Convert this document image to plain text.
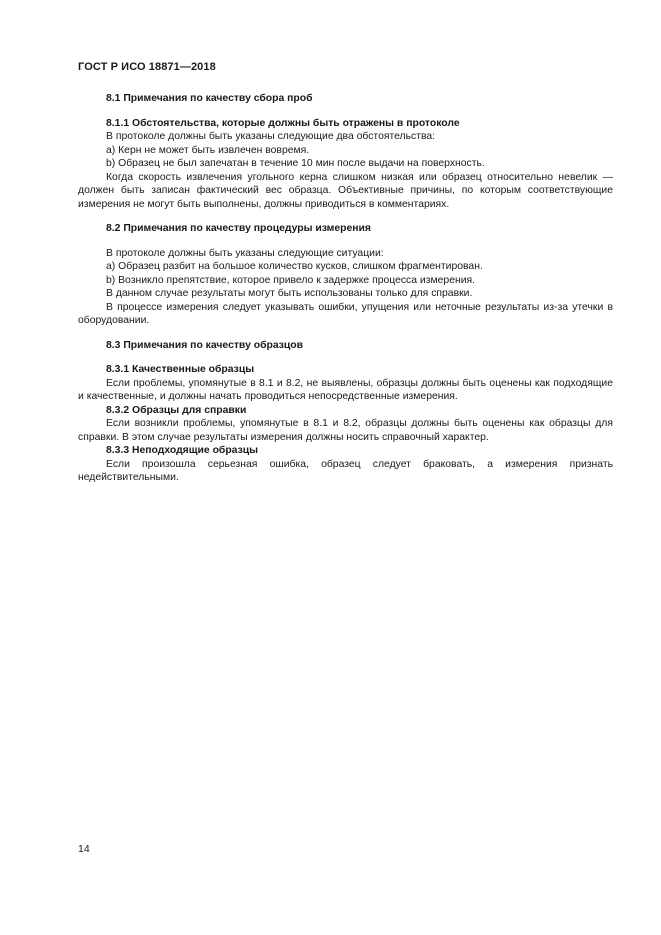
ГОСТ Р ИСО 18871—2018

8.1 Примечания по качеству сбора проб

8.1.1 Обстоятельства, которые должны быть отражены в протоколе

В протоколе должны быть указаны следующие два обстоятельства:

a) Керн не может быть извлечен вовремя.

b) Образец не был запечатан в течение 10 мин после выдачи на поверхность.

Когда скорость извлечения угольного керна слишком низкая или образец относительно невелик — должен быть записан фактический вес образца. Объективные причины, по которым соответствующие измерения не могут быть выполнены, должны приводиться в комментариях.

8.2 Примечания по качеству процедуры измерения

В протоколе должны быть указаны следующие ситуации:

a) Образец разбит на большое количество кусков, слишком фрагментирован.

b) Возникло препятствие, которое привело к задержке процесса измерения.

В данном случае результаты могут быть использованы только для справки.

В процессе измерения следует указывать ошибки, упущения или неточные результаты из-за утечки в оборудовании.

8.3 Примечания по качеству образцов

8.3.1 Качественные образцы

Если проблемы, упомянутые в 8.1 и 8.2, не выявлены, образцы должны быть оценены как подходящие и качественные, и должны начать проводиться непосредственные измерения.

8.3.2 Образцы для справки

Если возникли проблемы, упомянутые в 8.1 и 8.2, образцы должны быть оценены как образцы для справки. В этом случае результаты измерения должны носить справочный характер.

8.3.3 Неподходящие образцы

Если произошла серьезная ошибка, образец следует браковать, а измерения признать недействительными.

14
